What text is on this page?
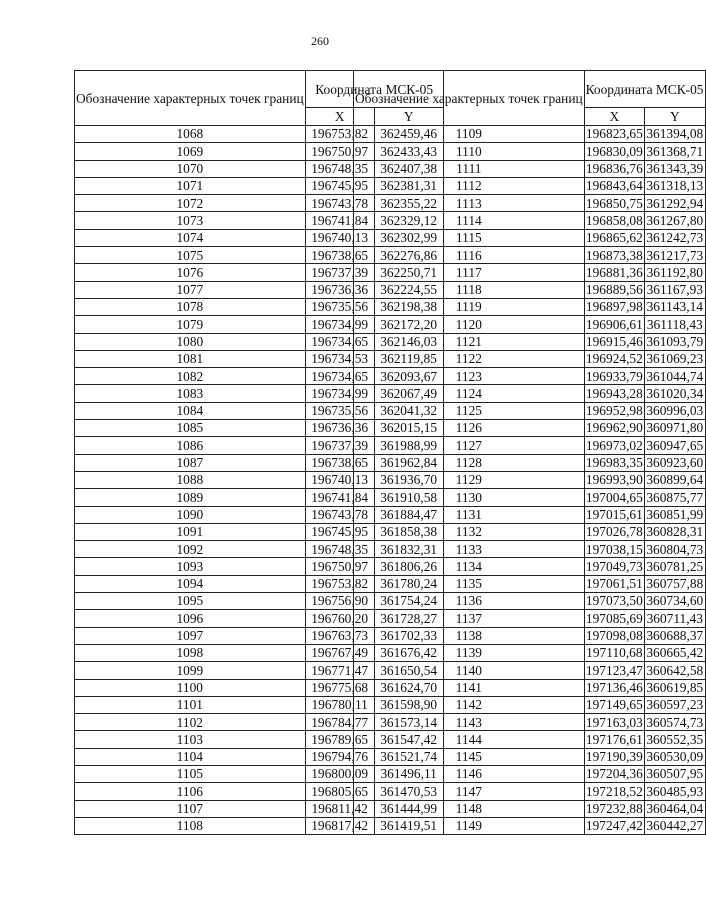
260
Обозначение характерных точек границ	Координата МСК-05	
	X	Y
1068	196753,82	362459,46
1069	196750,97	362433,43
1070	196748,35	362407,38
1071	196745,95	362381,31
1072	196743,78	362355,22
1073	196741,84	362329,12
1074	196740,13	362302,99
1075	196738,65	362276,86
1076	196737,39	362250,71
1077	196736,36	362224,55
1078	196735,56	362198,38
1079	196734,99	362172,20
1080	196734,65	362146,03
1081	196734,53	362119,85
1082	196734,65	362093,67
1083	196734,99	362067,49
1084	196735,56	362041,32
1085	196736,36	362015,15
1086	196737,39	361988,99
1087	196738,65	361962,84
1088	196740,13	361936,70
1089	196741,84	361910,58
1090	196743,78	361884,47
1091	196745,95	361858,38
1092	196748,35	361832,31
1093	196750,97	361806,26
1094	196753,82	361780,24
1095	196756,90	361754,24
1096	196760,20	361728,27
1097	196763,73	361702,33
1098	196767,49	361676,42
1099	196771,47	361650,54
1100	196775,68	361624,70
1101	196780,11	361598,90
1102	196784,77	361573,14
1103	196789,65	361547,42
1104	196794,76	361521,74
1105	196800,09	361496,11
1106	196805,65	361470,53
1107	196811,42	361444,99
1108	196817,42	361419,51
Обозначение характерных точек границ	Координата МСК-05	
	X	Y
1109	196823,65	361394,08
1110	196830,09	361368,71
1111	196836,76	361343,39
1112	196843,64	361318,13
1113	196850,75	361292,94
1114	196858,08	361267,80
1115	196865,62	361242,73
1116	196873,38	361217,73
1117	196881,36	361192,80
1118	196889,56	361167,93
1119	196897,98	361143,14
1120	196906,61	361118,43
1121	196915,46	361093,79
1122	196924,52	361069,23
1123	196933,79	361044,74
1124	196943,28	361020,34
1125	196952,98	360996,03
1126	196962,90	360971,80
1127	196973,02	360947,65
1128	196983,35	360923,60
1129	196993,90	360899,64
1130	197004,65	360875,77
1131	197015,61	360851,99
1132	197026,78	360828,31
1133	197038,15	360804,73
1134	197049,73	360781,25
1135	197061,51	360757,88
1136	197073,50	360734,60
1137	197085,69	360711,43
1138	197098,08	360688,37
1139	197110,68	360665,42
1140	197123,47	360642,58
1141	197136,46	360619,85
1142	197149,65	360597,23
1143	197163,03	360574,73
1144	197176,61	360552,35
1145	197190,39	360530,09
1146	197204,36	360507,95
1147	197218,52	360485,93
1148	197232,88	360464,04
1149	197247,42	360442,27
